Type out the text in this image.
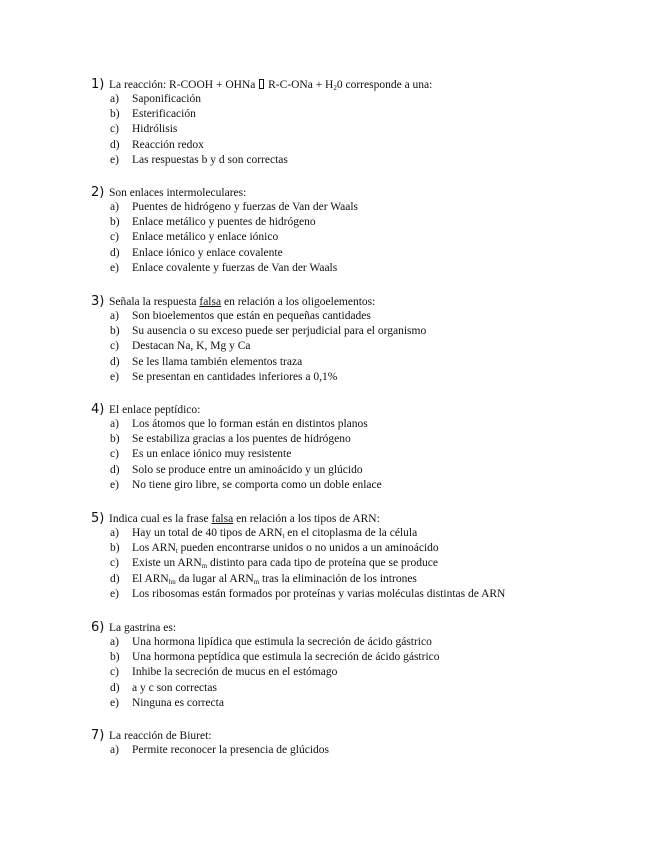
1) La reacción: R-COOH + OHNa  $R-C-ONa + H_20$ corresponde a una:
a) Saponificación
b) Esterificación
c) Hidrólisis
d) Reacción redox
e) Las respuestas b y d son correctas
2) Son enlaces intermoleculares:
a) Puentes de hidrógeno y fuerzas de Van der Waals
b) Enlace metálico y puentes de hidrógeno
c) Enlace metálico y enlace iónico
d) Enlace iónico y enlace covalente
e) Enlace covalente y fuerzas de Van der Waals
3) Señala la respuesta falsa en relación a los oligoelementos:
a) Son bioelementos que están en pequeñas cantidades
b) Su ausencia o su exceso puede ser perjudicial para el organismo
c) Destacan Na, K, Mg y Ca
d) Se les llama también elementos traza
e) Se presentan en cantidades inferiores a 0,1%
4) El enlace peptídico:
a) Los átomos que lo forman están en distintos planos
b) Se estabiliza gracias a los puentes de hidrógeno
c) Es un enlace iónico muy resistente
d) Solo se produce entre un aminoácido y un glúcido
e) No tiene giro libre, se comporta como un doble enlace
5) Indica cual es la frase falsa en relación a los tipos de ARN:
a) Hay un total de 40 tipos de $ARN_t$ en el citoplasma de la célula
b) Los $ARN_t$ pueden encontrarse unidos o no unidos a un aminoácido
c) Existe un $ARN_m$ distinto para cada tipo de proteína que se produce
d) El $ARN_{hn}$ da lugar al $ARN_m$ tras la eliminación de los intrones
e) Los ribosomas están formados por proteínas y varias moléculas distintas de ARN
6) La gastrina es:
a) Una hormona lipídica que estimula la secreción de ácido gástrico
b) Una hormona peptídica que estimula la secreción de ácido gástrico
c) Inhibe la secreción de mucus en el estómago
d) a y c son correctas
e) Ninguna es correcta
7) La reacción de Biuret:
a) Permite reconocer la presencia de glúcidos
